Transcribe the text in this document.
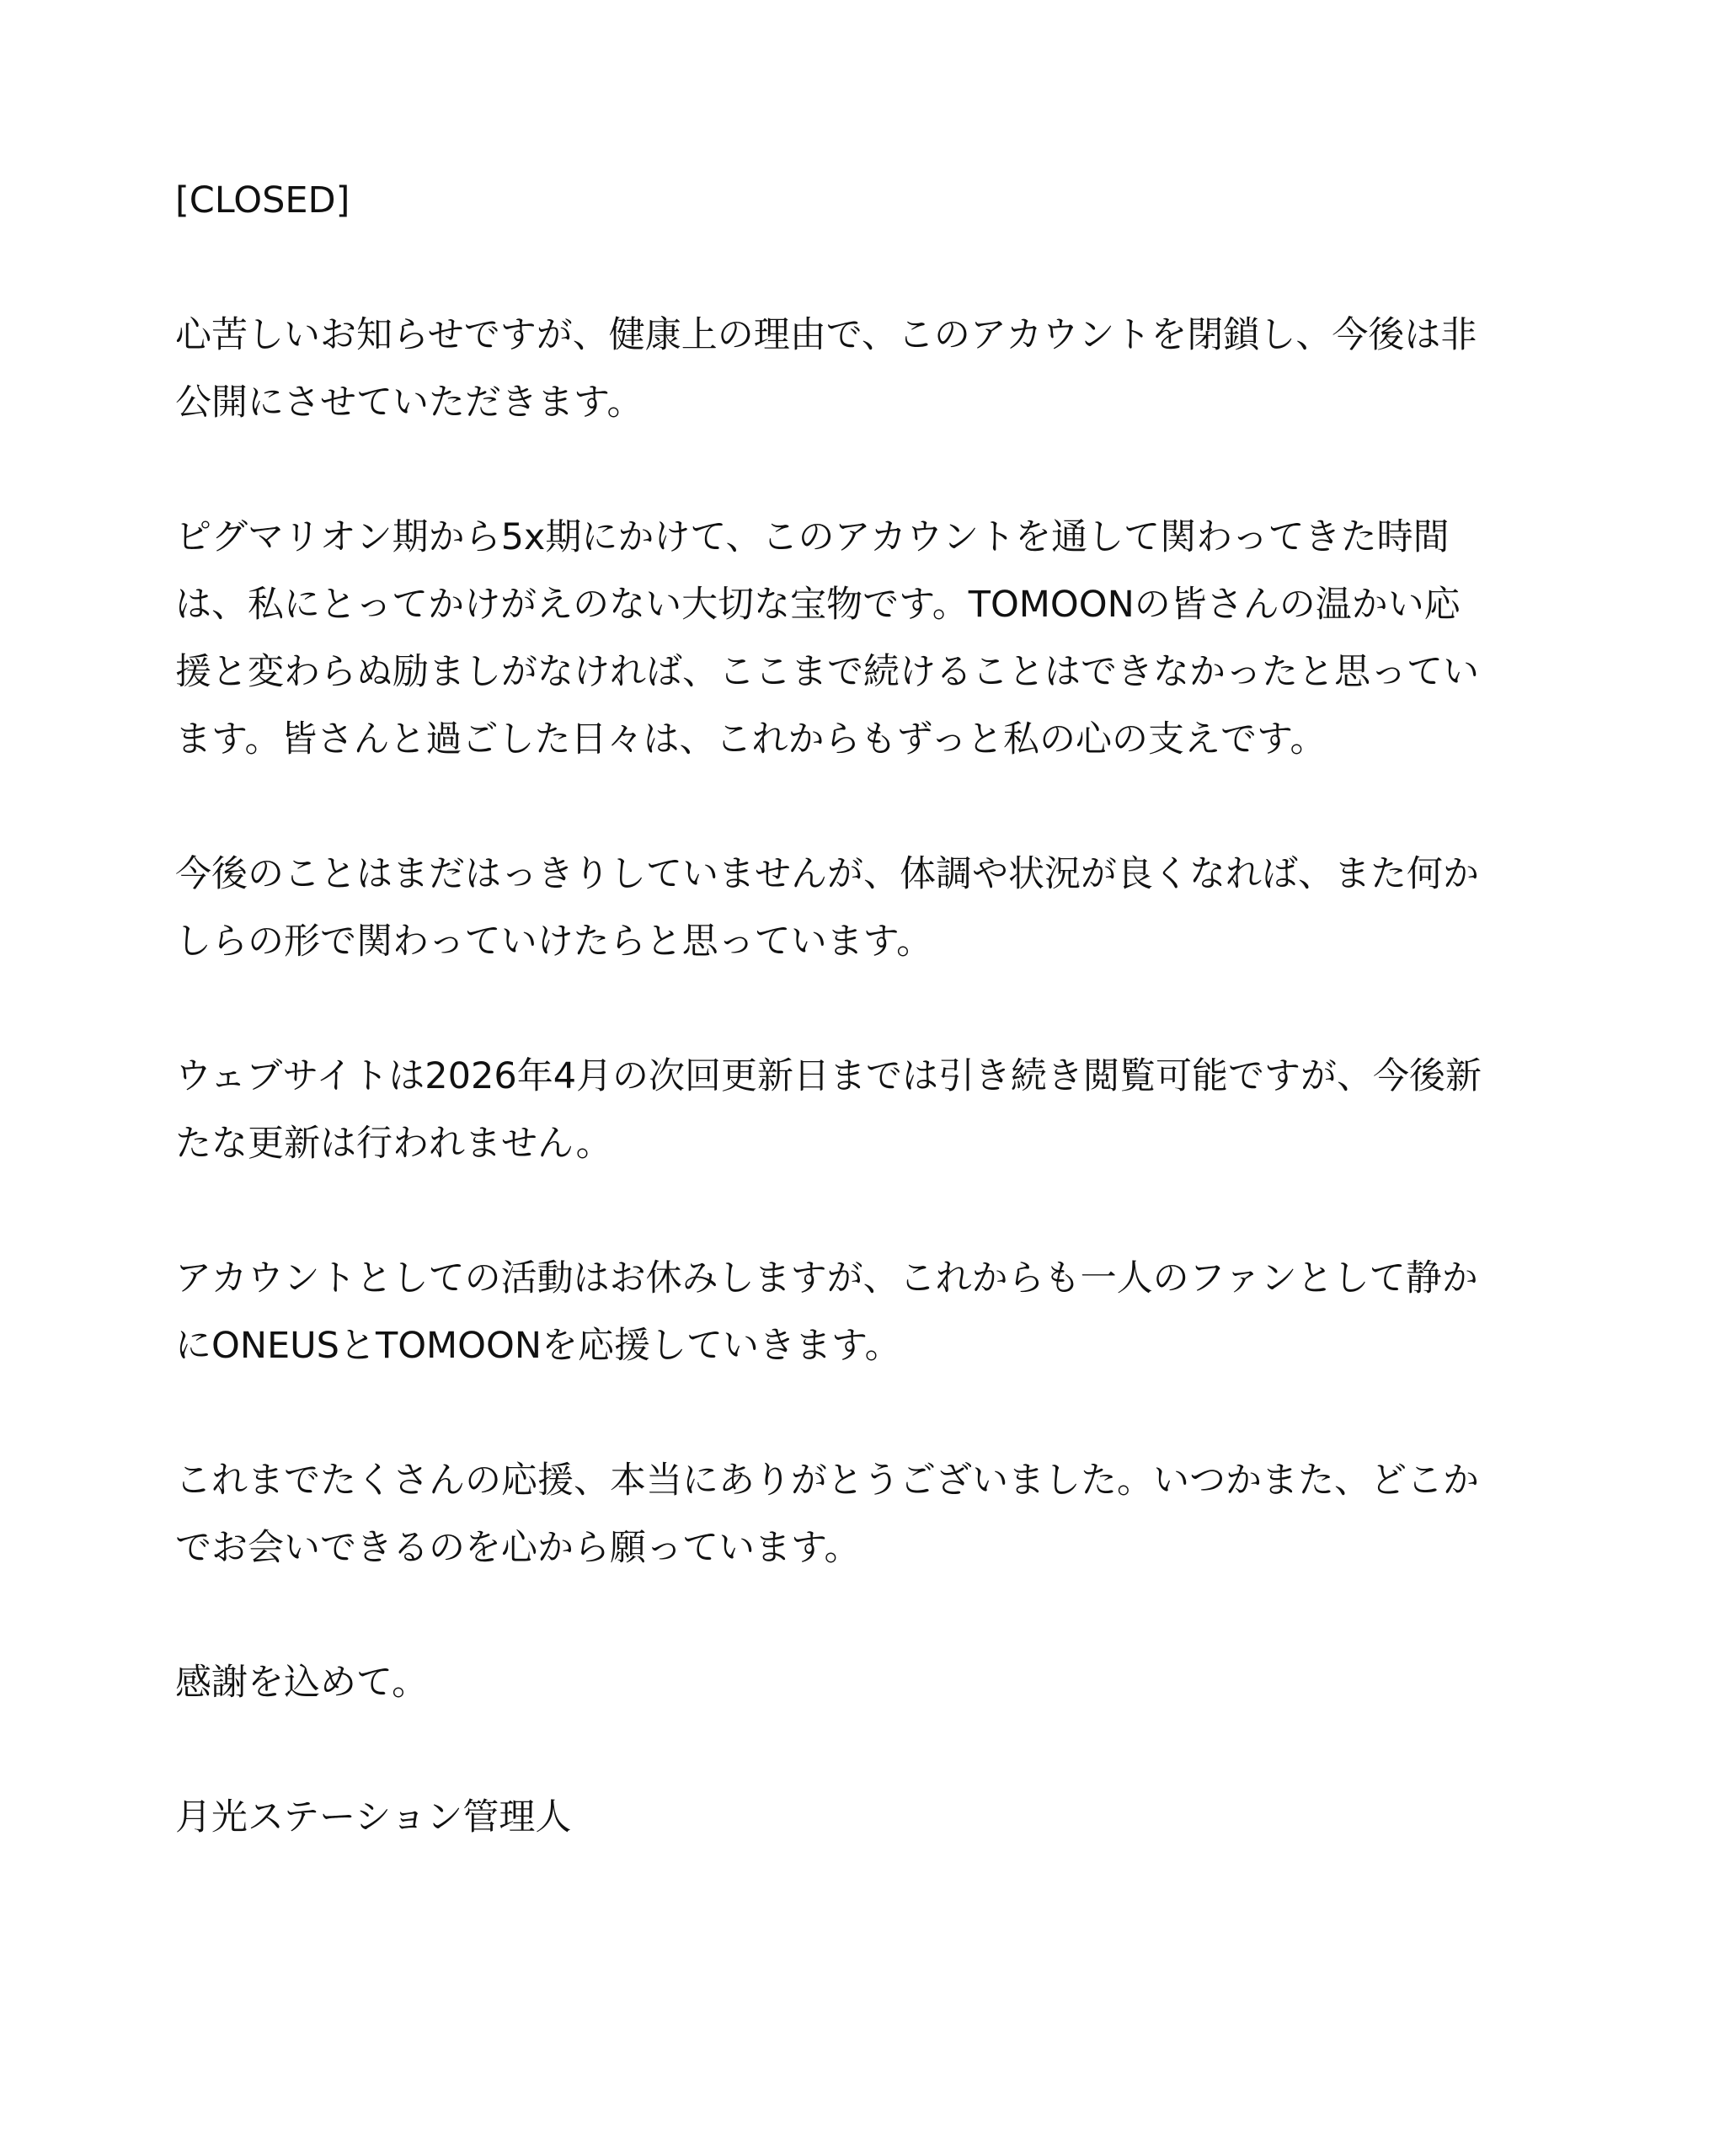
[CLOSED]
心苦しいお知らせですが、健康上の理由で、このアカウントを閉鎖し、今後は非
公開にさせていただきます。
ピグマリオン期から5x期にかけて、このアカウントを通して関わってきた時間
は、私にとってかけがえのない大切な宝物です。TOMOONの皆さんの温かい応
援と変わらぬ励ましがなければ、ここまで続けることはできなかったと思ってい
ます。皆さんと過ごした日々は、これからもずっと私の心の支えです。
今後のことはまだはっきりしていませんが、体調や状況が良くなれば、また何か
しらの形で関わっていけたらと思っています。
ウェブサイトは2026年4月の次回更新日までは引き続き閲覧可能ですが、今後新
たな更新は行われません。
アカウントとしての活動はお休みしますが、これからも一人のファンとして静か
にONEUSとTOMOONを応援していきます。
これまでたくさんの応援、本当にありがとうございました。いつかまた、どこか
でお会いできるのを心から願っています。
感謝を込めて。
月光ステーション管理人
